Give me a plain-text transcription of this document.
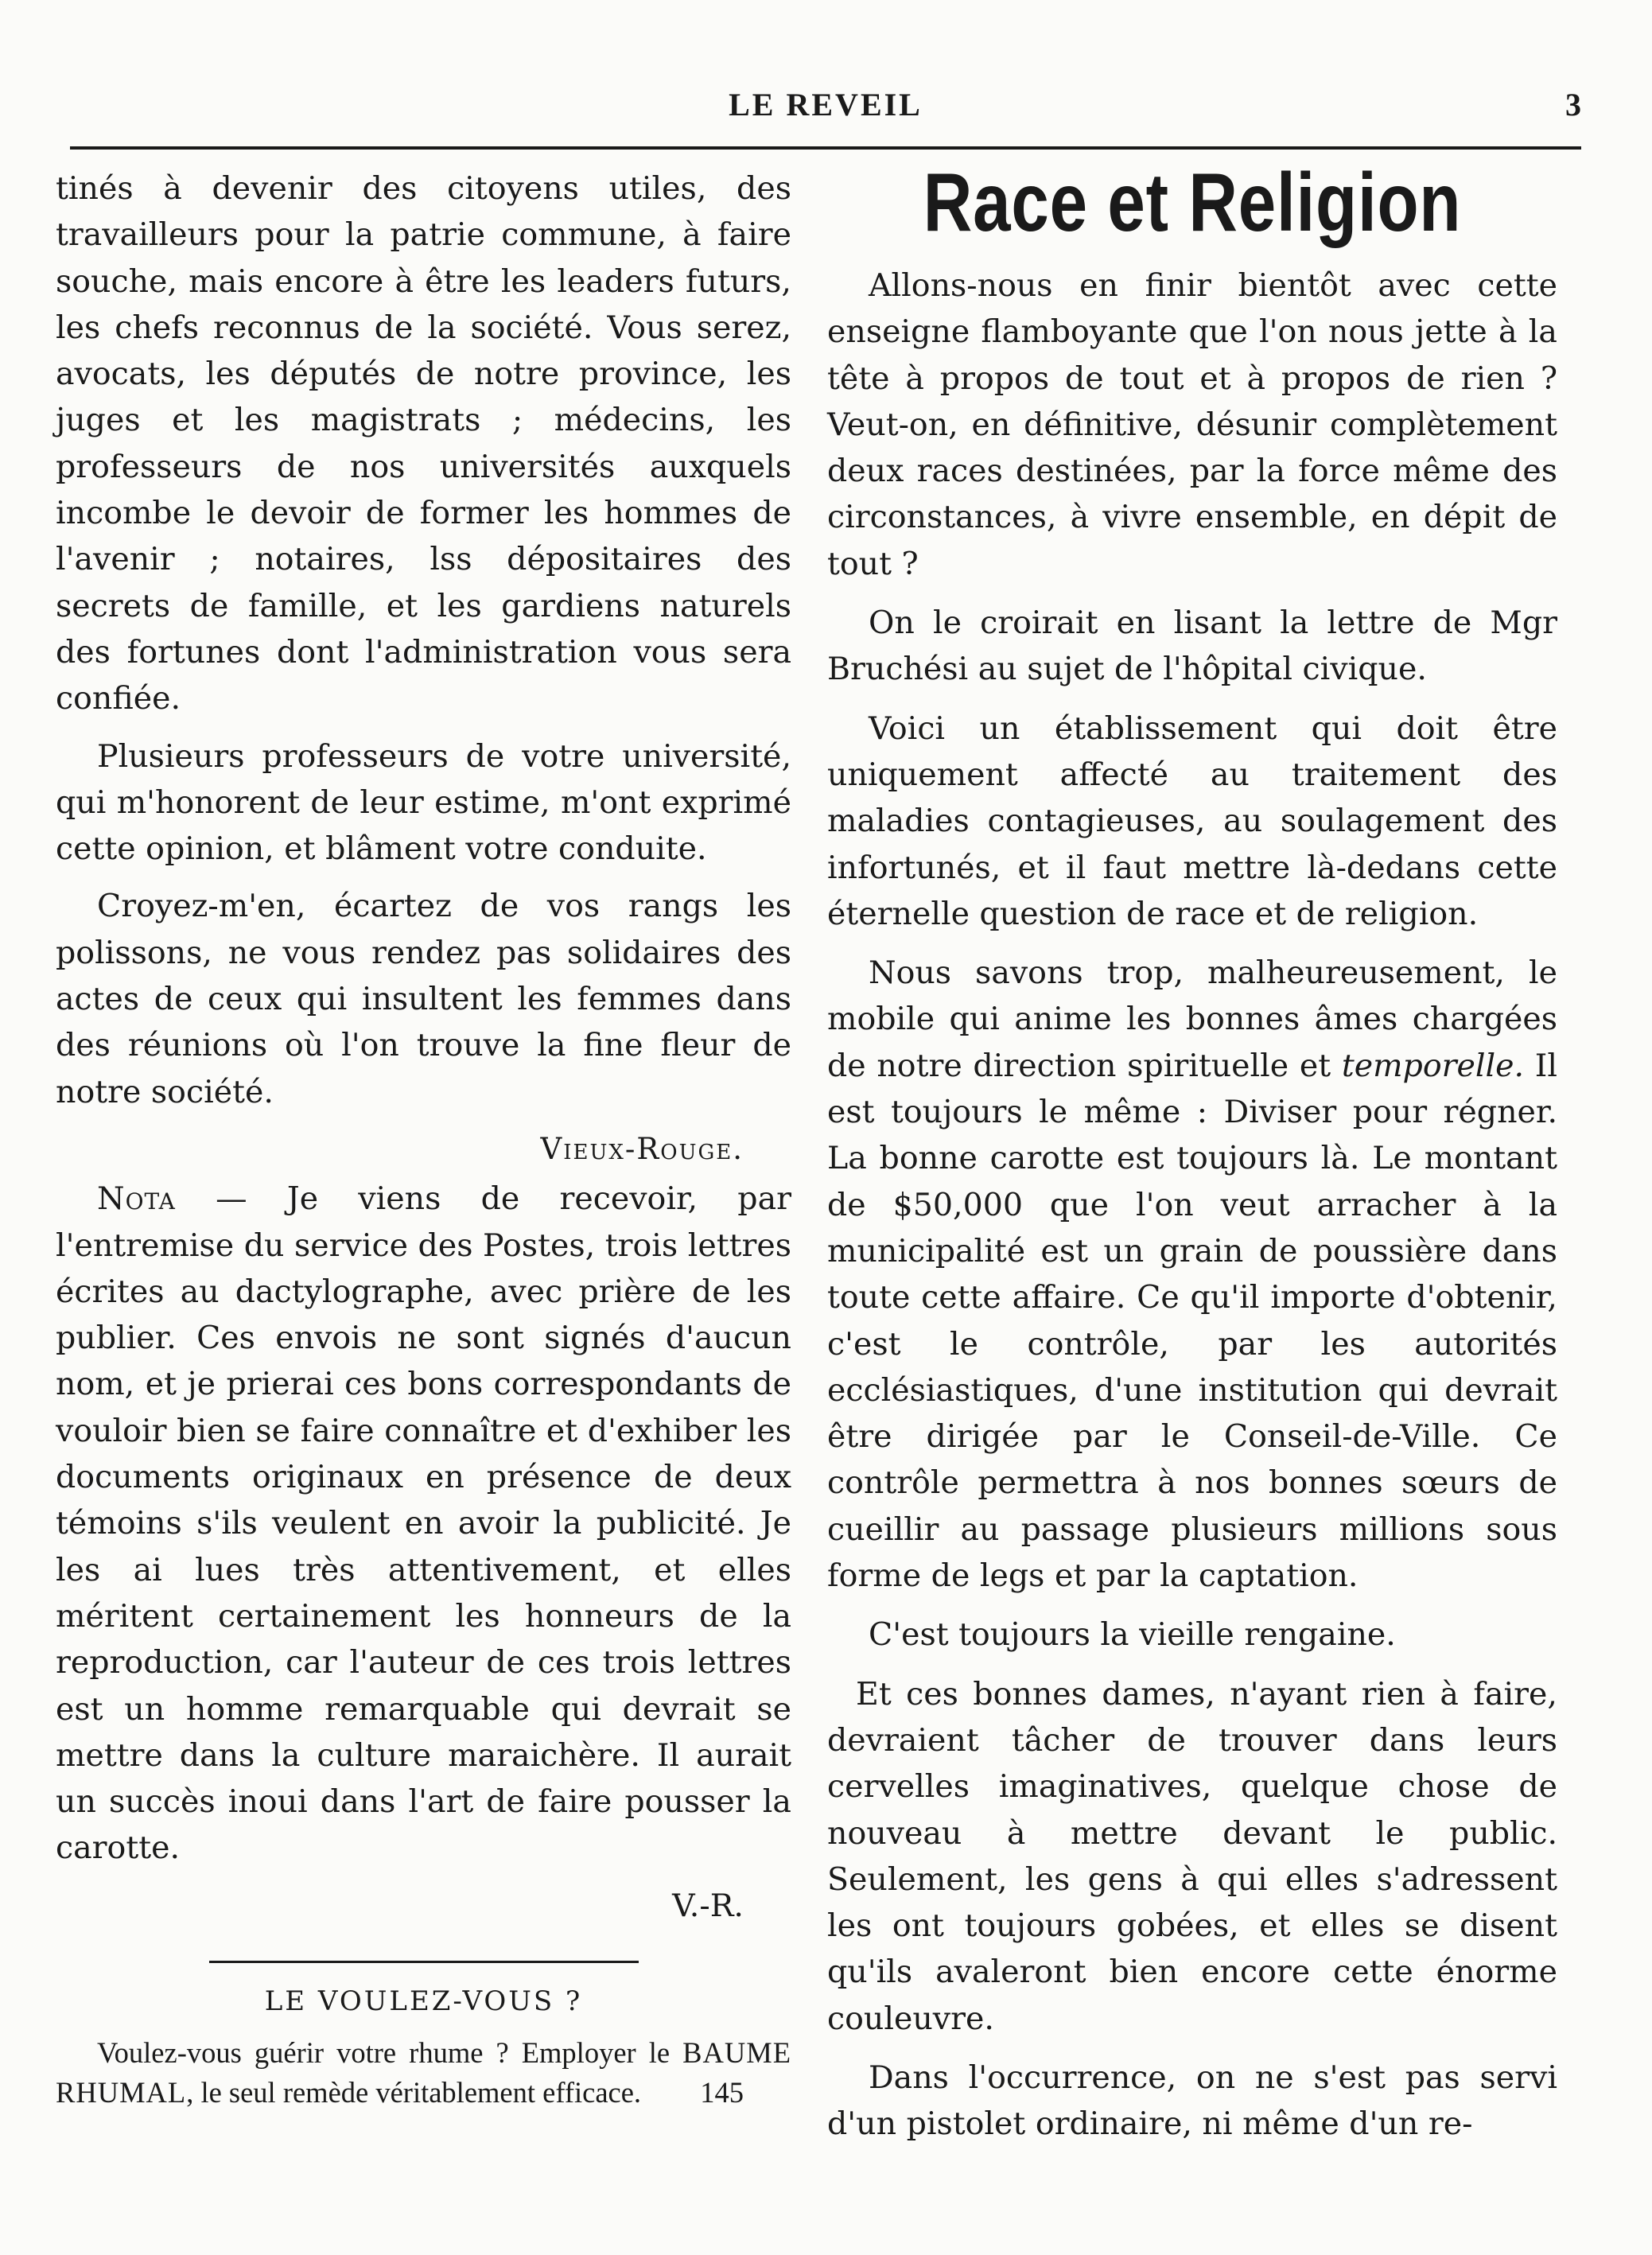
LE REVEIL	3

tinés à devenir des citoyens utiles, des travailleurs pour la patrie commune, à faire souche, mais encore à être les leaders futurs, les chefs reconnus de la société. Vous serez, avocats, les députés de notre province, les juges et les magistrats ; médecins, les professeurs de nos universités auxquels incombe le devoir de former les hommes de l'avenir ; notaires, lss dépositaires des secrets de famille, et les gardiens naturels des fortunes dont l'administration vous sera confiée.

Plusieurs professeurs de votre université, qui m'honorent de leur estime, m'ont exprimé cette opinion, et blâment votre conduite.

Croyez-m'en, écartez de vos rangs les polissons, ne vous rendez pas solidaires des actes de ceux qui insultent les femmes dans des réunions où l'on trouve la fine fleur de notre société.

Vieux-Rouge.

Nota — Je viens de recevoir, par l'entremise du service des Postes, trois lettres écrites au dactylographe, avec prière de les publier. Ces envois ne sont signés d'aucun nom, et je prierai ces bons correspondants de vouloir bien se faire connaître et d'exhiber les documents originaux en présence de deux témoins s'ils veulent en avoir la publicité. Je les ai lues très attentivement, et elles méritent certainement les honneurs de la reproduction, car l'auteur de ces trois lettres est un homme remarquable qui devrait se mettre dans la culture maraichère. Il aurait un succès inoui dans l'art de faire pousser la carotte.

V.-R.

LE VOULEZ-VOUS ?

Voulez-vous guérir votre rhume ? Employer le BAUME RHUMAL, le seul remède véritablement efficace.	145

Race et Religion

Allons-nous en finir bientôt avec cette enseigne flamboyante que l'on nous jette à la tête à propos de tout et à propos de rien ? Veut-on, en définitive, désunir complètement deux races destinées, par la force même des circonstances, à vivre ensemble, en dépit de tout ?

On le croirait en lisant la lettre de Mgr Bruchési au sujet de l'hôpital civique.

Voici un établissement qui doit être uniquement affecté au traitement des maladies contagieuses, au soulagement des infortunés, et il faut mettre là-dedans cette éternelle question de race et de religion.

Nous savons trop, malheureusement, le mobile qui anime les bonnes âmes chargées de notre direction spirituelle et temporelle. Il est toujours le même : Diviser pour régner. La bonne carotte est toujours là. Le montant de $50,000 que l'on veut arracher à la municipalité est un grain de poussière dans toute cette affaire. Ce qu'il importe d'obtenir, c'est le contrôle, par les autorités ecclésiastiques, d'une institution qui devrait être dirigée par le Conseil-de-Ville. Ce contrôle permettra à nos bonnes sœurs de cueillir au passage plusieurs millions sous forme de legs et par la captation.

C'est toujours la vieille rengaine.

Et ces bonnes dames, n'ayant rien à faire, devraient tâcher de trouver dans leurs cervelles imaginatives, quelque chose de nouveau à mettre devant le public. Seulement, les gens à qui elles s'adressent les ont toujours gobées, et elles se disent qu'ils avaleront bien encore cette énorme couleuvre.

Dans l'occurrence, on ne s'est pas servi d'un pistolet ordinaire, ni même d'un re-
